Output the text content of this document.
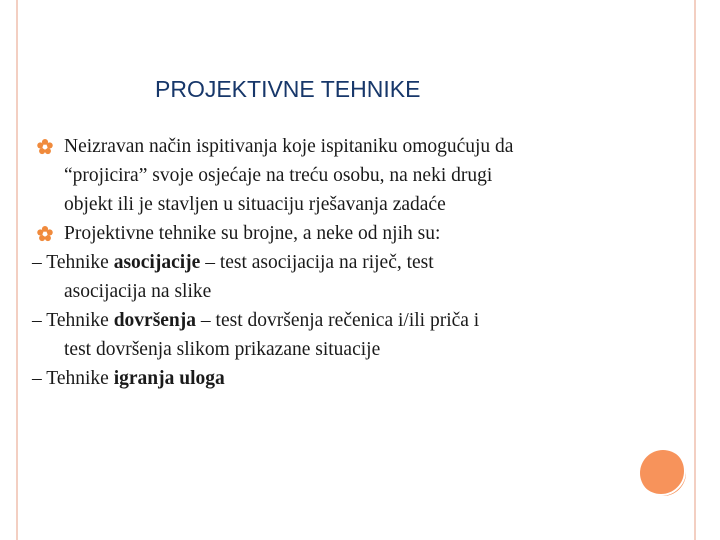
PROJEKTIVNE TEHNIKE
Neizravan način ispitivanja koje ispitaniku omogućuju da
“projicira” svoje osjećaje na treću osobu, na neki drugi
objekt ili je stavljen u situaciju rješavanja zadaće
Projektivne tehnike su brojne, a neke od njih su:
– Tehnike asocijacije – test asocijacija na riječ, test
asocijacija na slike
– Tehnike dovršenja – test dovršenja rečenica i/ili priča i
test dovršenja slikom prikazane situacije
– Tehnike igranja uloga
